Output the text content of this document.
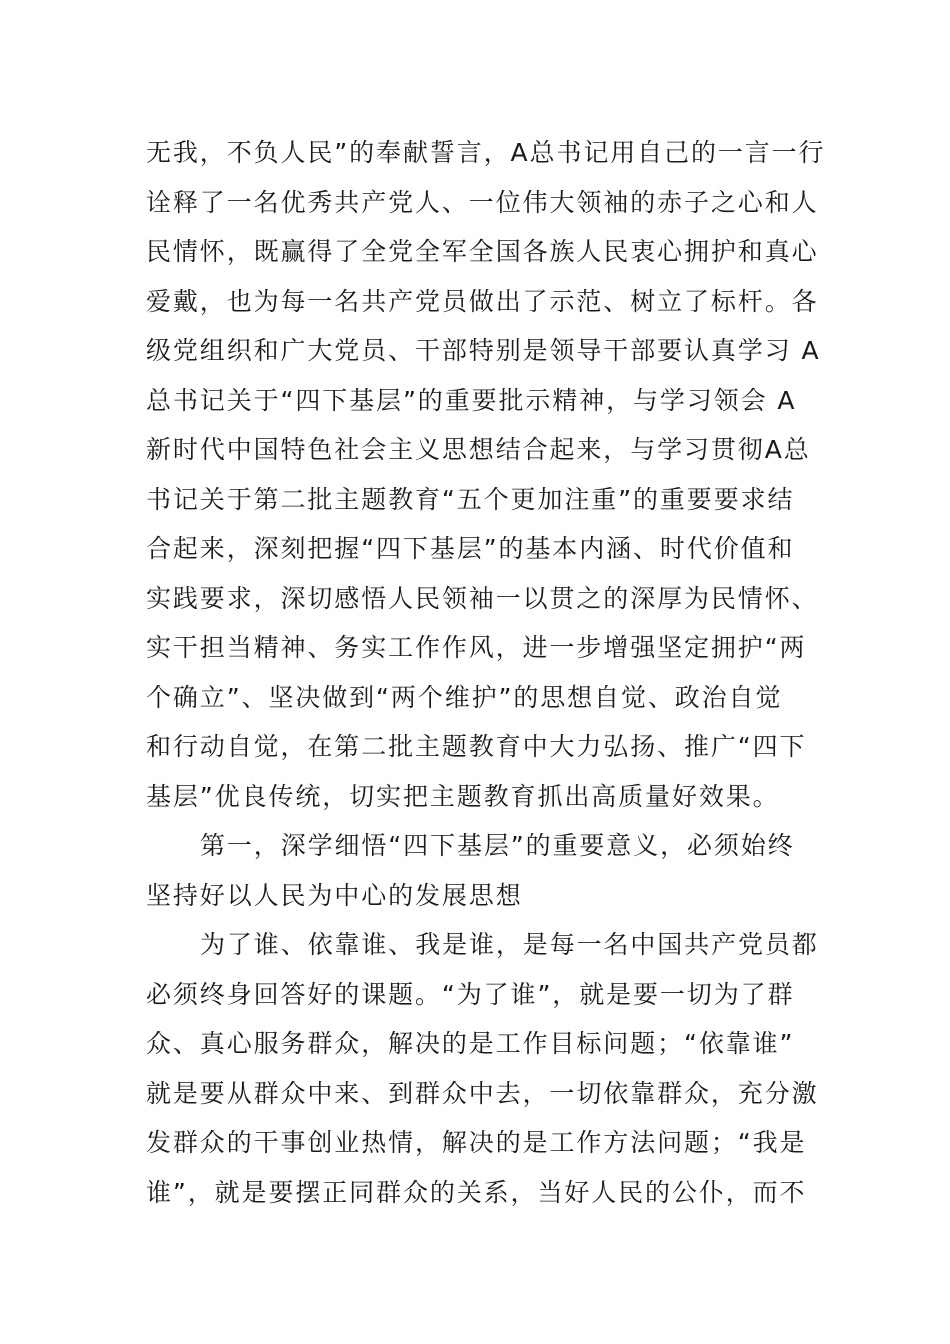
无我，不负人民”的奉献誓言，A总书记用自己的一言一行
诠释了一名优秀共产党人、一位伟大领袖的赤子之心和人
民情怀，既赢得了全党全军全国各族人民衷心拥护和真心
爱戴，也为每一名共产党员做出了示范、树立了标杆。各
级党组织和广大党员、干部特别是领导干部要认真学习 A
总书记关于“四下基层”的重要批示精神，与学习领会 A
新时代中国特色社会主义思想结合起来，与学习贯彻A总
书记关于第二批主题教育“五个更加注重”的重要要求结
合起来，深刻把握“四下基层”的基本内涵、时代价值和
实践要求，深切感悟人民领袖一以贯之的深厚为民情怀、
实干担当精神、务实工作作风，进一步增强坚定拥护“两
个确立”、坚决做到“两个维护”的思想自觉、政治自觉
和行动自觉，在第二批主题教育中大力弘扬、推广“四下
基层”优良传统，切实把主题教育抓出高质量好效果。
第一，深学细悟“四下基层”的重要意义，必须始终
坚持好以人民为中心的发展思想
为了谁、依靠谁、我是谁，是每一名中国共产党员都
必须终身回答好的课题。“为了谁”，就是要一切为了群
众、真心服务群众，解决的是工作目标问题；“依靠谁”
就是要从群众中来、到群众中去，一切依靠群众，充分激
发群众的干事创业热情，解决的是工作方法问题；“我是
谁”，就是要摆正同群众的关系，当好人民的公仆，而不
